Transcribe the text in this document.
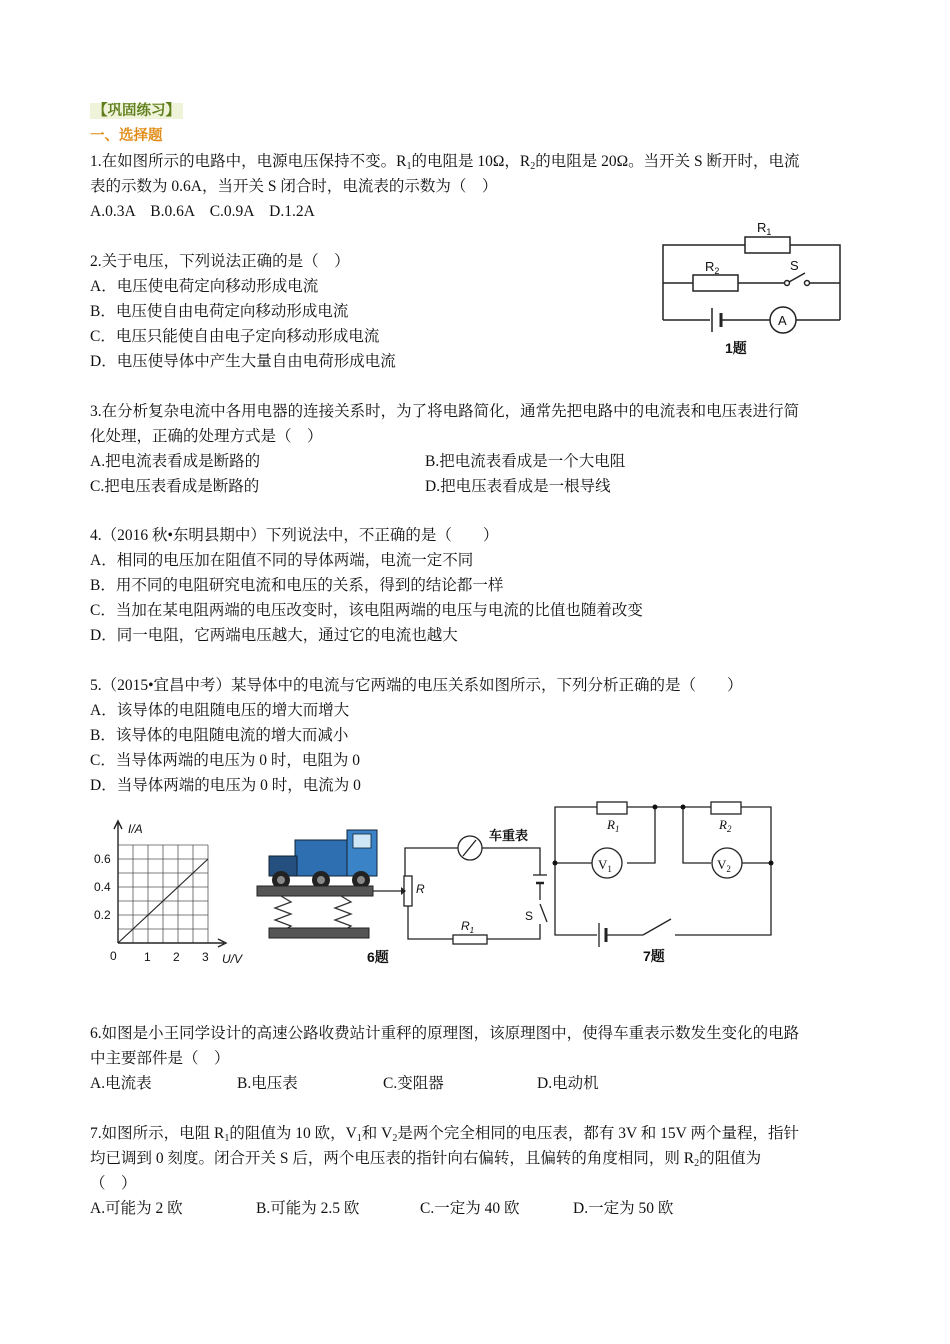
【巩固练习】
一、选择题
1.在如图所示的电路中，电源电压保持不变。$R_1$的电阻是 10Ω，$R_2$的电阻是 20Ω。当开关 S 断开时，电流
表的示数为 0.6A，当开关 S 闭合时，电流表的示数为（　）
A.0.3A　B.0.6A　C.0.9A　D.1.2A
$R_1$
$R_2$	S
A
1题
2.关于电压，下列说法正确的是（　）
A．电压使电荷定向移动形成电流
B．电压使自由电荷定向移动形成电流
C．电压只能使自由电子定向移动形成电流
D．电压使导体中产生大量自由电荷形成电流
3.在分析复杂电流中各用电器的连接关系时，为了将电路简化，通常先把电路中的电流表和电压表进行简
化处理，正确的处理方式是（　）
A.把电流表看成是断路的	B.把电流表看成是一个大电阻
C.把电压表看成是断路的	D.把电压表看成是一根导线
4.（2016 秋•东明县期中）下列说法中，不正确的是（　　）
A．相同的电压加在阻值不同的导体两端，电流一定不同
B．用不同的电阻研究电流和电压的关系，得到的结论都一样
C．当加在某电阻两端的电压改变时，该电阻两端的电压与电流的比值也随着改变
D．同一电阻，它两端电压越大，通过它的电流也越大
5.（2015•宜昌中考）某导体中的电流与它两端的电压关系如图所示，下列分析正确的是（　　）
A．该导体的电阻随电压的增大而增大
B．该导体的电阻随电流的增大而减小
C．当导体两端的电压为 0 时，电阻为 0
D．当导体两端的电压为 0 时，电流为 0
I/A
U/V
0.6
0.4
0.2
0 1 2 3
车重表
R
$R_1$
S
6题
$R_1$	$R_2$
$V_1$	$V_2$
7题
6.如图是小王同学设计的高速公路收费站计重秤的原理图，该原理图中，使得车重表示数发生变化的电路
中主要部件是（　）
A.电流表	B.电压表	C.变阻器	D.电动机
7.如图所示，电阻 $R_1$的阻值为 10 欧，$V_1$和 $V_2$是两个完全相同的电压表，都有 3V 和 15V 两个量程，指针
均已调到 0 刻度。闭合开关 S 后，两个电压表的指针向右偏转，且偏转的角度相同，则 $R_2$的阻值为
（　）
A.可能为 2 欧	B.可能为 2.5 欧	C.一定为 40 欧	D.一定为 50 欧
